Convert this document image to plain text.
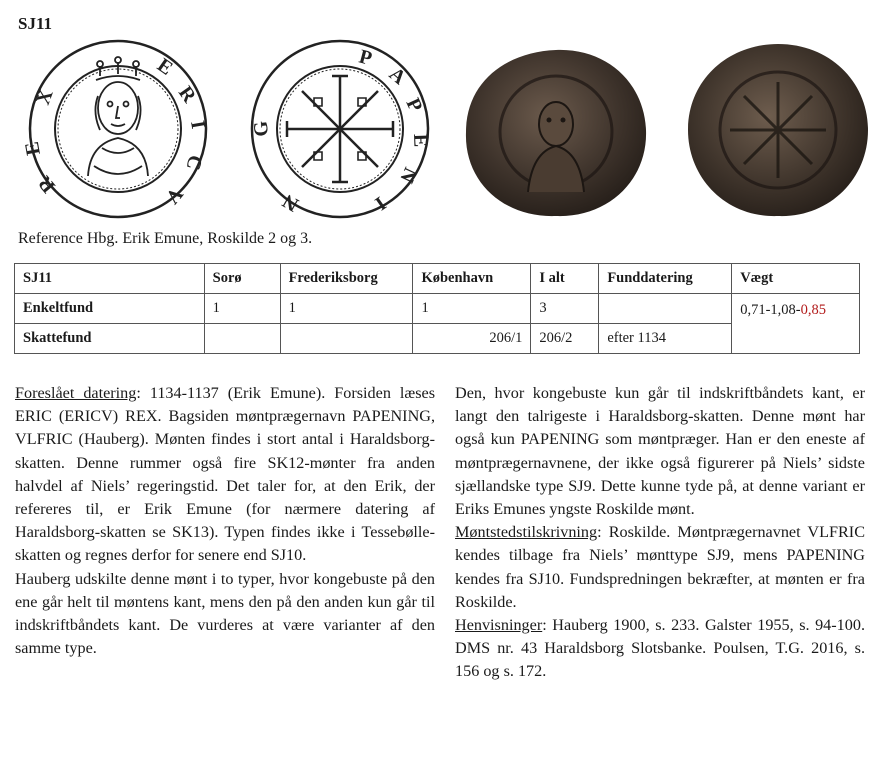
SJ11
E
R
I
C
V
R
E
X
P
A
P
E
N
I
N
G
Reference Hbg. Erik Emune, Roskilde 2 og 3.
SJ11	Sorø	Frederiksborg	København	I alt	Funddatering	Vægt
Enkeltfund	1	1	1	3		0,71-1,08-0,85
Skattefund			206/1	206/2	efter 1134	

Foreslået datering: 1134-1137 (Erik Emune). Forsiden læses ERIC (ERICV) REX. Bagsiden møntprægernavn PAPENING, VLFRIC (Hauberg). Mønten findes i stort antal i Haraldsborg-skatten. Denne rummer også fire SK12-mønter fra anden halvdel af Niels’ regeringstid. Det taler for, at den Erik, der refereres til, er Erik Emune (for nærmere datering af Haraldsborg-skatten se SK13). Typen findes ikke i Tessebølle-skatten og regnes derfor for senere end SJ10.

Hauberg udskilte denne mønt i to typer, hvor kongebuste på den ene går helt til møntens kant, mens den på den anden kun går til indskriftbåndets kant. De vurderes at være varianter af den samme type.

Den, hvor kongebuste kun går til indskriftbåndets kant, er langt den talrigeste i Haraldsborg-skatten. Denne mønt har også kun PAPENING som møntpræger. Han er den eneste af møntprægernavnene, der ikke også figurerer på Niels’ sidste sjællandske type SJ9. Dette kunne tyde på, at denne variant er Eriks Emunes yngste Roskilde mønt.

Møntstedstilskrivning: Roskilde. Møntprægernavnet VLFRIC kendes tilbage fra Niels’ mønttype SJ9, mens PAPENING kendes fra SJ10. Fundspredningen bekræfter, at mønten er fra Roskilde.

Henvisninger: Hauberg 1900, s. 233. Galster 1955, s. 94-100. DMS nr. 43 Haraldsborg Slotsbanke. Poulsen, T.G. 2016, s. 156 og s. 172.
